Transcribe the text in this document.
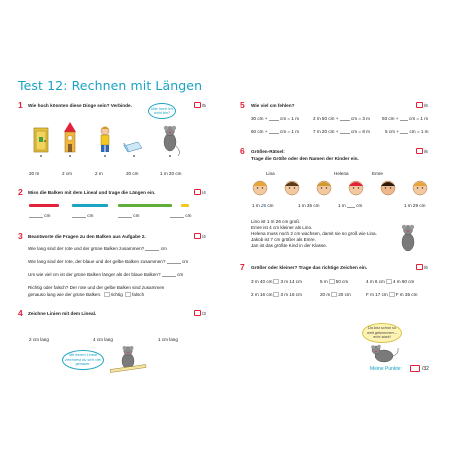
Test 12: Rechnen mit Längen
1 Wie hoch könnten diese Dinge sein? Verbinde.	/5
Wie hoch ich wohl bin?
20 m	2 cm	2 m	20 cm	1 m 20 cm
2 Miss die Balken mit dem Lineal und trage die Längen ein.	/4
cm	cm	cm	cm
3 Beantworte die Fragen zu den Balken aus Aufgabe 2.	/4
Wie lang sind der rote und der grüne Balken zusammen?	cm
Wie lang sind der rote, der blaue und der gelbe Balken zusammen?	cm
Um wie viel cm ist der grüne Balken länger als der blaue Balken?	cm
Richtig oder falsch? Der rote und der gelbe Balken sind zusammen
genauso lang wie der grüne Balken. richtig falsch
4 Zeichne Linien mit dem Lineal.	/3
2 cm lang	4 cm lang	1 cm lang
Mit einem Lineal zeichnest du sich viel genauer.
5 Wie viel cm fehlen?	/6
30 cm +	cm = 1 m	2 m 50 cm +	cm = 3 m	93 cm + cm = 1 m
60 cm +	cm = 1 m	7 m 20 cm +	cm = 8 m	5 cm + cm = 1 m
6 Größen-Rätsel:
Trage die Größe oder den Namen der Kinder ein.
/6
Lina	Helena	Emre
1 m 26 cm	1 m 35 cm	1 m cm	1 m 29 cm
Lino ist 1 m 26 cm groß.
Emre ist 4 cm kleiner als Lino.
Helena muss noch 2 cm wachsen, damit sie so groß wie Lina.
Jakob ist 7 cm größer als Emre.
Jan ist das größte Kind in der Klasse.
7 Größer oder kleiner? Trage das richtige Zeichen ein.	/6
3 m 40 cm 3 m 14 cm	5 m 50 cm	4 m 6 cm 4 m 60 cm
2 m 16 cm 3 m 16 cm	20 m 20 cm	F m 17 cm F m 35 cm
Da bist schon so weit gekommen – echt stark!
Meine Punkte:	/32
